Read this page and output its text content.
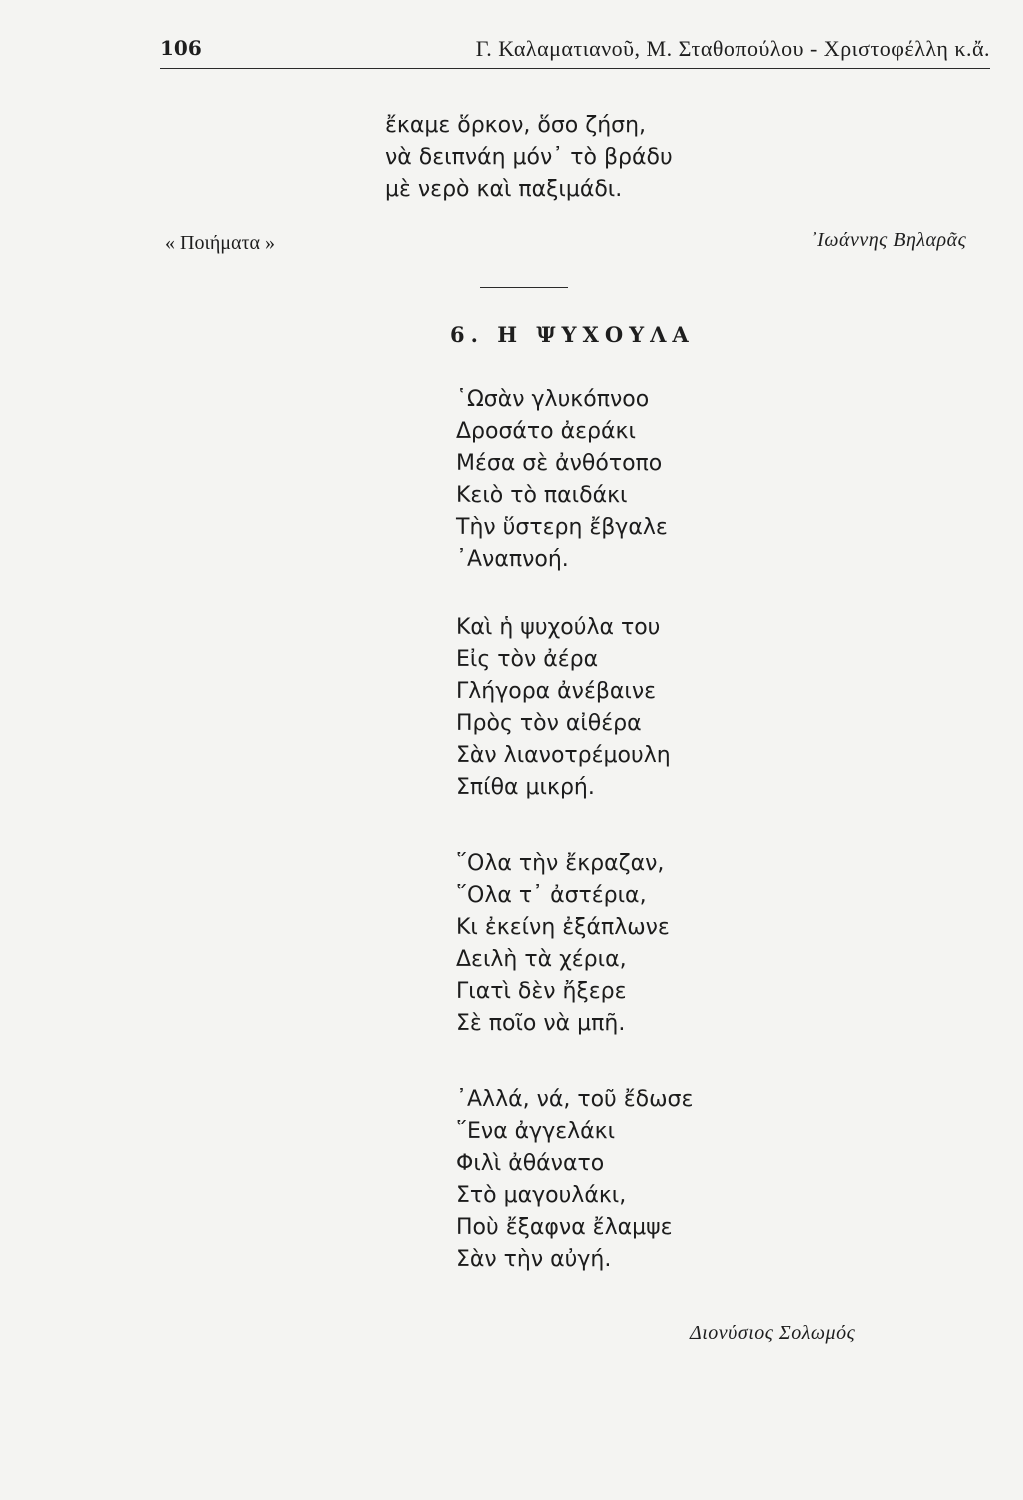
106	Γ. Καλαματιανοῦ, Μ. Σταθοπούλου - Χριστοφέλλη κ.ἄ.
ἔκαμε ὅρκον, ὅσο ζήση,
νὰ δειπνάη μόν᾽ τὸ βράδυ
μὲ νερὸ καὶ παξιμάδι.
« Ποιήματα »	᾽Ιωάννης Βηλαρᾶς
6. Η ΨΥΧΟΥΛΑ
῾Ωσὰν γλυκόπνοο
Δροσάτο ἀεράκι
Μέσα σὲ ἀνθότοπο
Κειὸ τὸ παιδάκι
Τὴν ὕστερη ἔβγαλε
᾽Αναπνοή.
Καὶ ἡ ψυχούλα του
Εἰς τὸν ἀέρα
Γλήγορα ἀνέβαινε
Πρὸς τὸν αἰθέρα
Σὰν λιανοτρέμουλη
Σπίθα μικρή.
῞Ολα τὴν ἔκραζαν,
῞Ολα τ᾽ ἀστέρια,
Κι ἐκείνη ἐξάπλωνε
Δειλὴ τὰ χέρια,
Γιατὶ δὲν ἤξερε
Σὲ ποῖο νὰ μπῆ.
᾽Αλλά, νά, τοῦ ἔδωσε
῞Ενα ἀγγελάκι
Φιλὶ ἀθάνατο
Στὸ μαγουλάκι,
Ποὺ ἔξαφνα ἔλαμψε
Σὰν τὴν αὐγή.
Διονύσιος Σολωμός
